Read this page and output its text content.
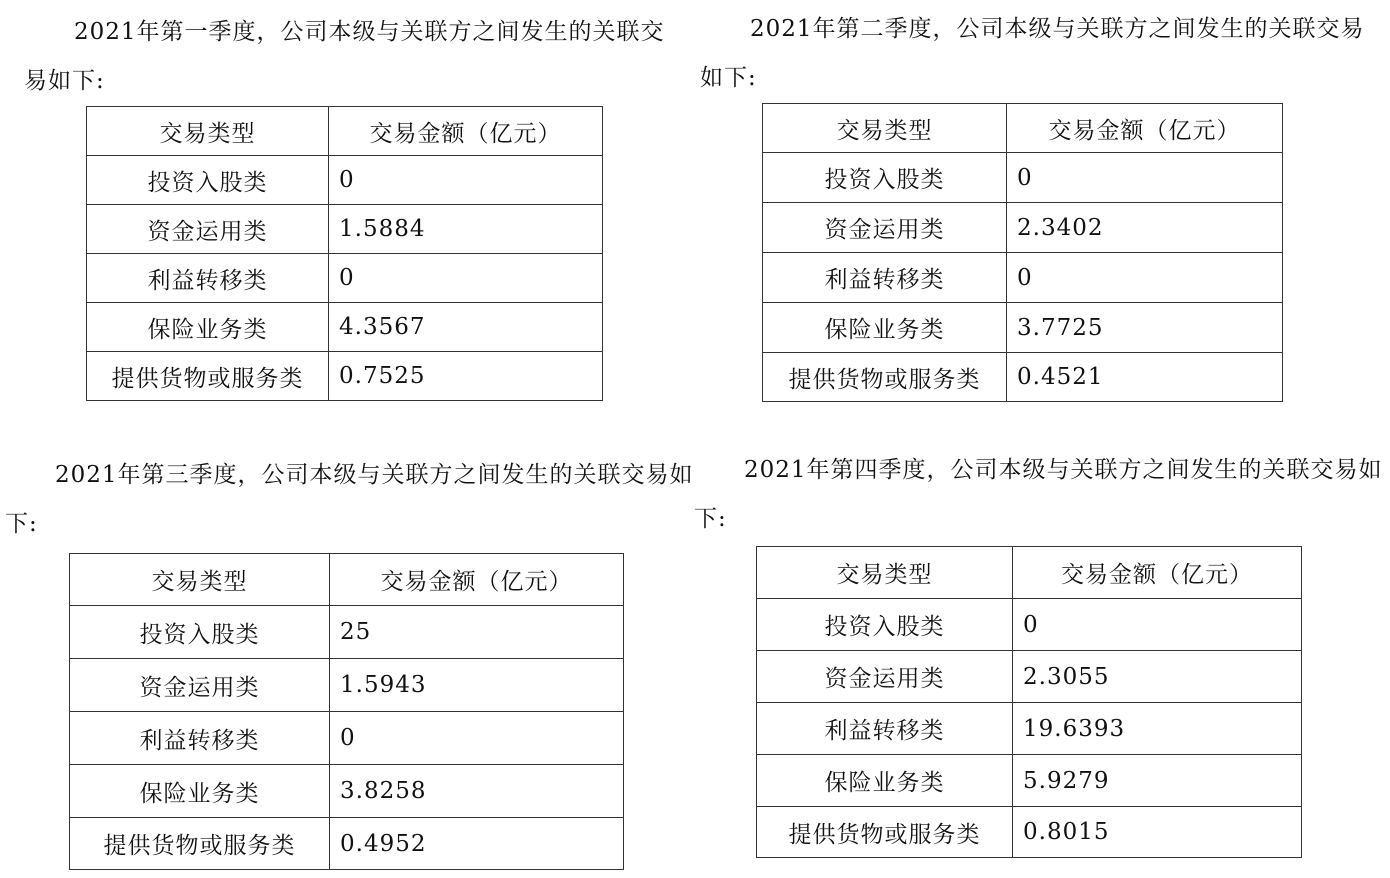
2021年第一季度，公司本级与关联方之间发生的关联交易如下:

交易类型	交易金额（亿元）
投资入股类	0
资金运用类	1.5884
利益转移类	0
保险业务类	4.3567
提供货物或服务类	0.7525

2021年第二季度，公司本级与关联方之间发生的关联交易如下:

交易类型	交易金额（亿元）
投资入股类	0
资金运用类	2.3402
利益转移类	0
保险业务类	3.7725
提供货物或服务类	0.4521

2021年第三季度，公司本级与关联方之间发生的关联交易如下:

交易类型	交易金额（亿元）
投资入股类	25
资金运用类	1.5943
利益转移类	0
保险业务类	3.8258
提供货物或服务类	0.4952

2021年第四季度，公司本级与关联方之间发生的关联交易如下:

交易类型	交易金额（亿元）
投资入股类	0
资金运用类	2.3055
利益转移类	19.6393
保险业务类	5.9279
提供货物或服务类	0.8015
